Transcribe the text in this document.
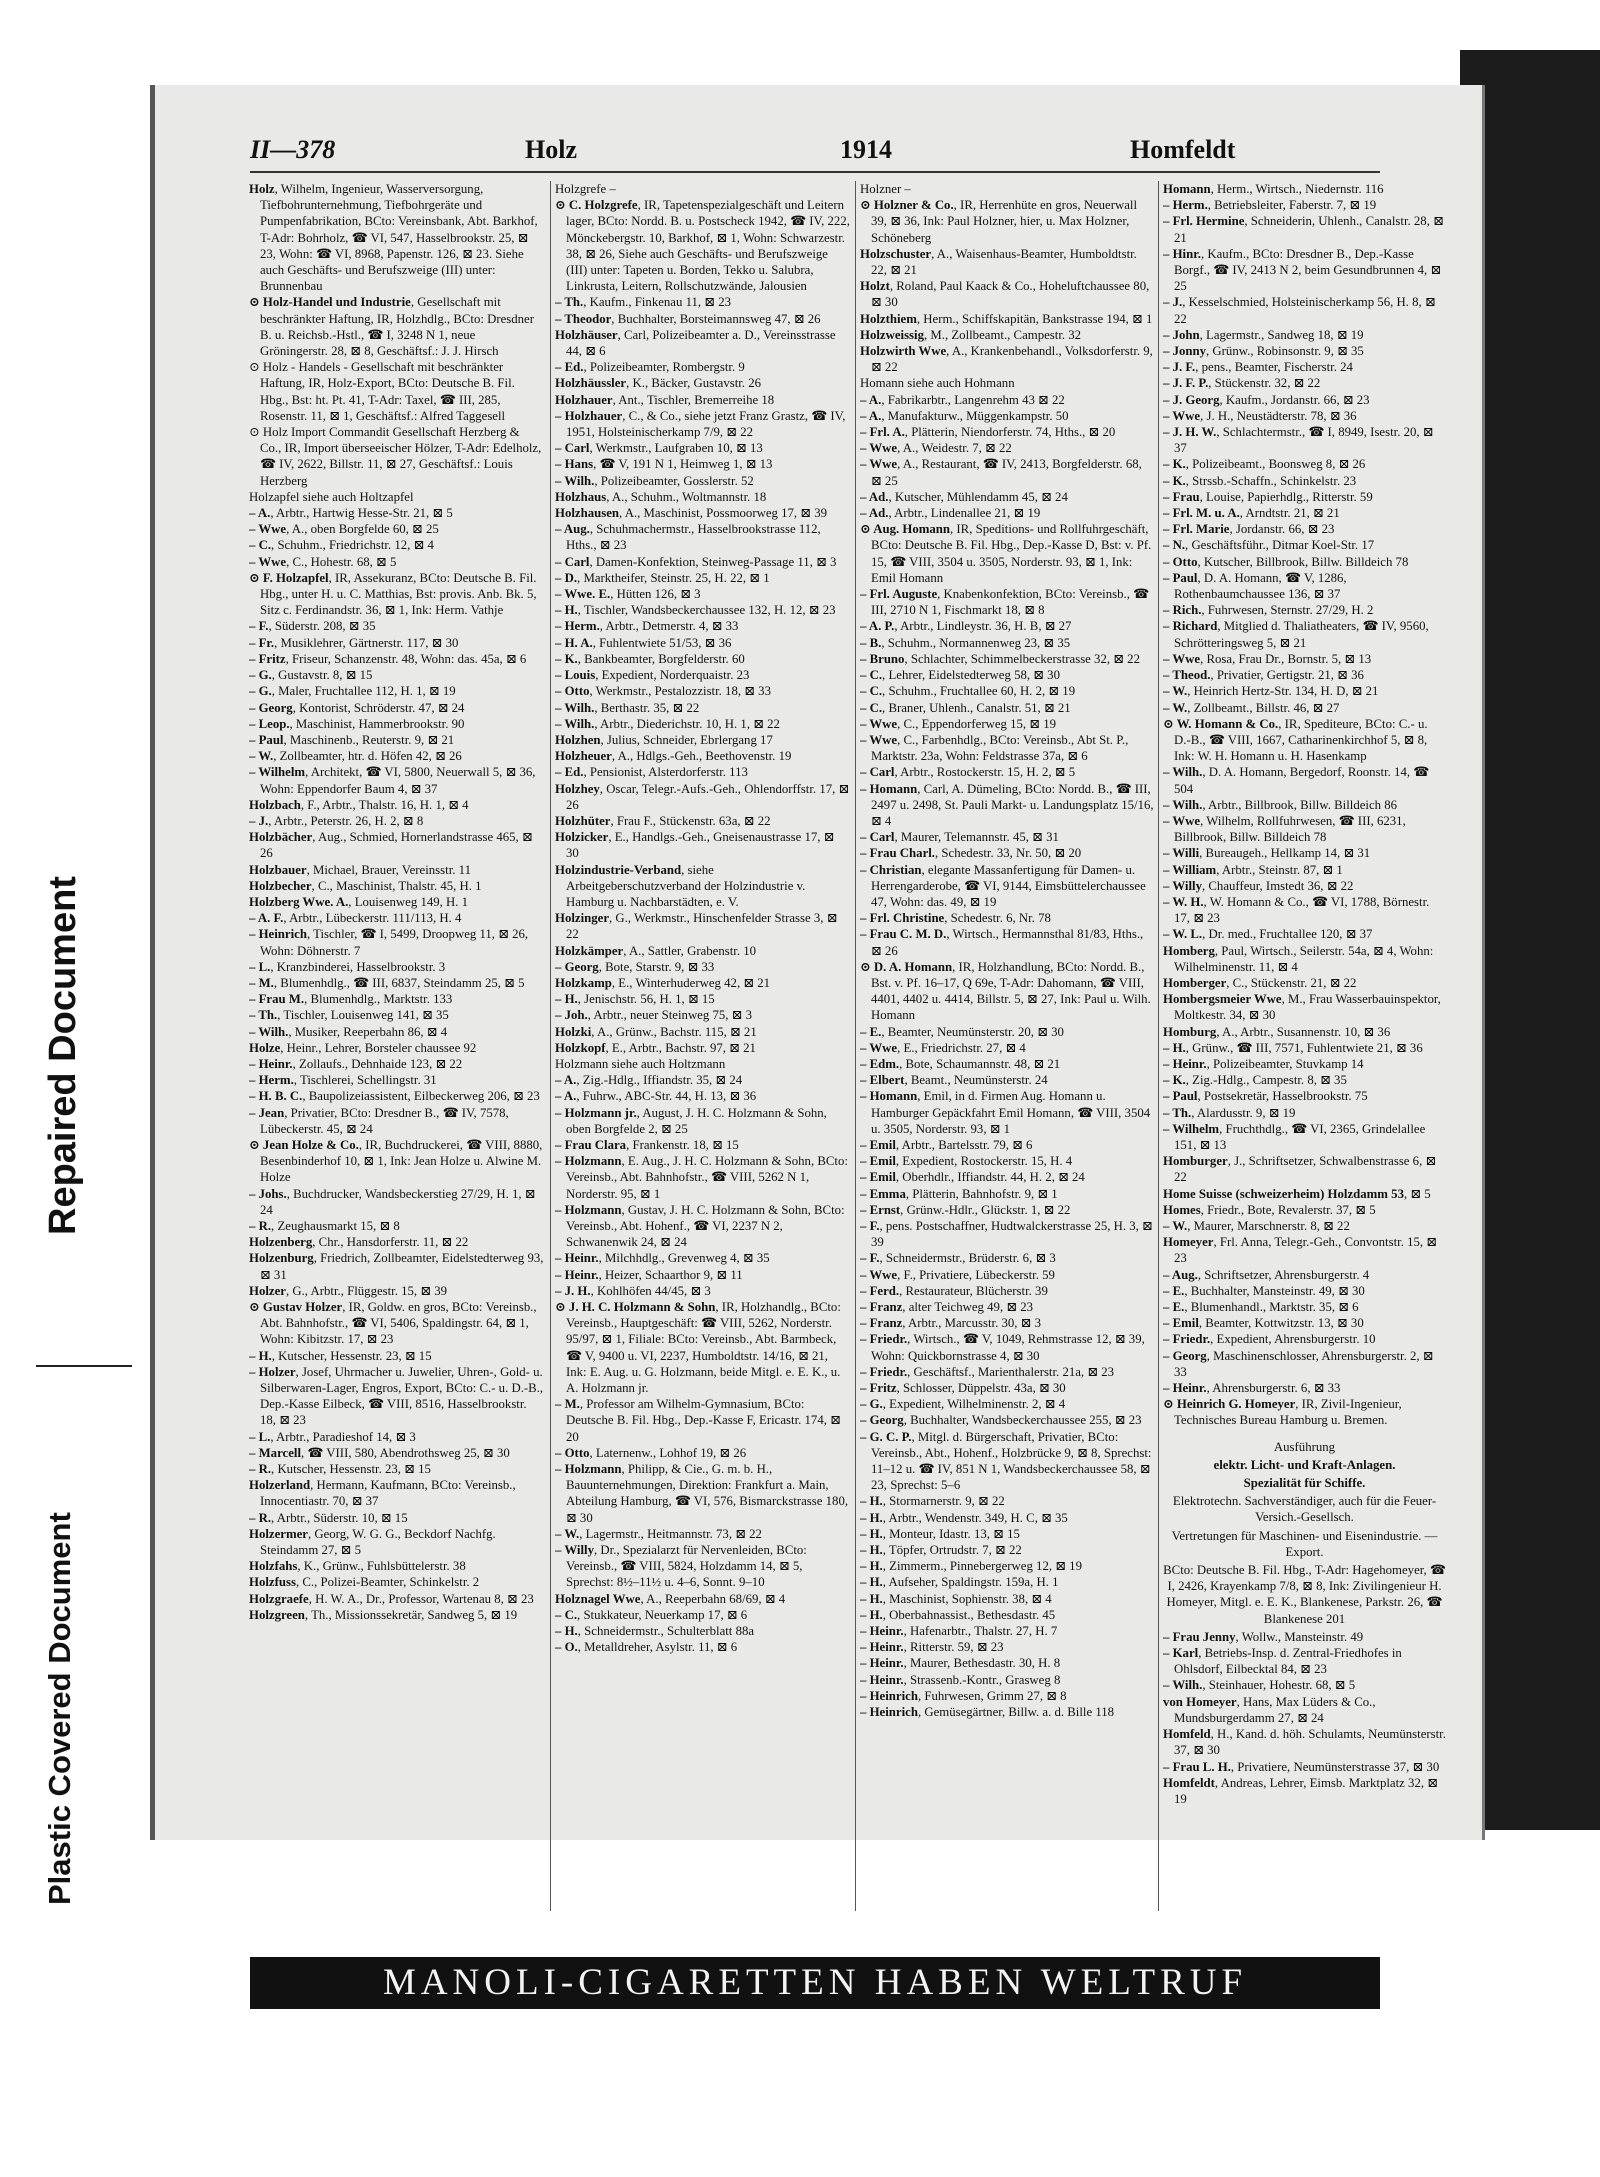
Repaired Document
Plastic Covered Document
II—378	Holz	1914	Homfeldt

Holz, Wilhelm, Ingenieur, Wasserversorgung, Tiefbohrunternehmung, Tiefbohrgeräte und Pumpenfabrikation, BCto: Vereinsbank, Abt. Barkhof, T-Adr: Bohrholz, ☎ VI, 547, Hasselbrookstr. 25, ⊠ 23, Wohn: ☎ VI, 8968, Papenstr. 126, ⊠ 23. Siehe auch Geschäfts- und Berufszweige (III) unter: Brunnenbau

⊙ Holz-Handel und Industrie, Gesellschaft mit beschränkter Haftung, IR, Holzhdlg., BCto: Dresdner B. u. Reichsb.-Hstl., ☎ I, 3248 N 1, neue Gröningerstr. 28, ⊠ 8, Geschäftsf.: J. J. Hirsch

⊙ Holz - Handels - Gesellschaft mit beschränkter Haftung, IR, Holz-Export, BCto: Deutsche B. Fil. Hbg., Bst: ht. Pt. 41, T-Adr: Taxel, ☎ III, 285, Rosenstr. 11, ⊠ 1, Geschäftsf.: Alfred Taggesell

⊙ Holz Import Commandit Gesellschaft Herzberg & Co., IR, Import überseeischer Hölzer, T-Adr: Edelholz, ☎ IV, 2622, Billstr. 11, ⊠ 27, Geschäftsf.: Louis Herzberg

Holzapfel siehe auch Holtzapfel

– A., Arbtr., Hartwig Hesse-Str. 21, ⊠ 5

– Wwe, A., oben Borgfelde 60, ⊠ 25

– C., Schuhm., Friedrichstr. 12, ⊠ 4

– Wwe, C., Hohestr. 68, ⊠ 5

⊙ F. Holzapfel, IR, Assekuranz, BCto: Deutsche B. Fil. Hbg., unter H. u. C. Matthias, Bst: provis. Anb. Bk. 5, Sitz c. Ferdinandstr. 36, ⊠ 1, Ink: Herm. Vathje

– F., Süderstr. 208, ⊠ 35

– Fr., Musiklehrer, Gärtnerstr. 117, ⊠ 30

– Fritz, Friseur, Schanzenstr. 48, Wohn: das. 45a, ⊠ 6

– G., Gustavstr. 8, ⊠ 15

– G., Maler, Fruchtallee 112, H. 1, ⊠ 19

– Georg, Kontorist, Schröderstr. 47, ⊠ 24

– Leop., Maschinist, Hammerbrookstr. 90

– Paul, Maschinenb., Reuterstr. 9, ⊠ 21

– W., Zollbeamter, htr. d. Höfen 42, ⊠ 26

– Wilhelm, Architekt, ☎ VI, 5800, Neuerwall 5, ⊠ 36, Wohn: Eppendorfer Baum 4, ⊠ 37

Holzbach, F., Arbtr., Thalstr. 16, H. 1, ⊠ 4

– J., Arbtr., Peterstr. 26, H. 2, ⊠ 8

Holzbächer, Aug., Schmied, Hornerlandstrasse 465, ⊠ 26

Holzbauer, Michael, Brauer, Vereinsstr. 11

Holzbecher, C., Maschinist, Thalstr. 45, H. 1

Holzberg Wwe. A., Louisenweg 149, H. 1

– A. F., Arbtr., Lübeckerstr. 111/113, H. 4

– Heinrich, Tischler, ☎ I, 5499, Droopweg 11, ⊠ 26, Wohn: Döhnerstr. 7

– L., Kranzbinderei, Hasselbrookstr. 3

– M., Blumenhdlg., ☎ III, 6837, Steindamm 25, ⊠ 5

– Frau M., Blumenhdlg., Marktstr. 133

– Th., Tischler, Louisenweg 141, ⊠ 35

– Wilh., Musiker, Reeperbahn 86, ⊠ 4

Holze, Heinr., Lehrer, Borsteler chaussee 92

– Heinr., Zollaufs., Dehnhaide 123, ⊠ 22

– Herm., Tischlerei, Schellingstr. 31

– H. B. C., Baupolizeiassistent, Eilbeckerweg 206, ⊠ 23

– Jean, Privatier, BCto: Dresdner B., ☎ IV, 7578, Lübeckerstr. 45, ⊠ 24

⊙ Jean Holze & Co., IR, Buchdruckerei, ☎ VIII, 8880, Besenbinderhof 10, ⊠ 1, Ink: Jean Holze u. Alwine M. Holze

– Johs., Buchdrucker, Wandsbeckerstieg 27/29, H. 1, ⊠ 24

– R., Zeughausmarkt 15, ⊠ 8

Holzenberg, Chr., Hansdorferstr. 11, ⊠ 22

Holzenburg, Friedrich, Zollbeamter, Eidelstedterweg 93, ⊠ 31

Holzer, G., Arbtr., Flüggestr. 15, ⊠ 39

⊙ Gustav Holzer, IR, Goldw. en gros, BCto: Vereinsb., Abt. Bahnhofstr., ☎ VI, 5406, Spaldingstr. 64, ⊠ 1, Wohn: Kibitzstr. 17, ⊠ 23

– H., Kutscher, Hessenstr. 23, ⊠ 15

– Holzer, Josef, Uhrmacher u. Juwelier, Uhren-, Gold- u. Silberwaren-Lager, Engros, Export, BCto: C.- u. D.-B., Dep.-Kasse Eilbeck, ☎ VIII, 8516, Hasselbrookstr. 18, ⊠ 23

– L., Arbtr., Paradieshof 14, ⊠ 3

– Marcell, ☎ VIII, 580, Abendrothsweg 25, ⊠ 30

– R., Kutscher, Hessenstr. 23, ⊠ 15

Holzerland, Hermann, Kaufmann, BCto: Vereinsb., Innocentiastr. 70, ⊠ 37

– R., Arbtr., Süderstr. 10, ⊠ 15

Holzermer, Georg, W. G. G., Beckdorf Nachfg. Steindamm 27, ⊠ 5

Holzfahs, K., Grünw., Fuhlsbüttelerstr. 38

Holzfuss, C., Polizei-Beamter, Schinkelstr. 2

Holzgraefe, H. W. A., Dr., Professor, Wartenau 8, ⊠ 23

Holzgreen, Th., Missionssekretär, Sandweg 5, ⊠ 19

Holzgrefe –

⊙ C. Holzgrefe, IR, Tapetenspezialgeschäft und Leitern lager, BCto: Nordd. B. u. Postscheck 1942, ☎ IV, 222, Mönckebergstr. 10, Barkhof, ⊠ 1, Wohn: Schwarzestr. 38, ⊠ 26, Siehe auch Geschäfts- und Berufszweige (III) unter: Tapeten u. Borden, Tekko u. Salubra, Linkrusta, Leitern, Rollschutzwände, Jalousien

– Th., Kaufm., Finkenau 11, ⊠ 23

– Theodor, Buchhalter, Borsteimannsweg 47, ⊠ 26

Holzhäuser, Carl, Polizeibeamter a. D., Vereinsstrasse 44, ⊠ 6

– Ed., Polizeibeamter, Rombergstr. 9

Holzhäussler, K., Bäcker, Gustavstr. 26

Holzhauer, Ant., Tischler, Bremerreihe 18

– Holzhauer, C., & Co., siehe jetzt Franz Grastz, ☎ IV, 1951, Holsteinischerkamp 7/9, ⊠ 22

– Carl, Werkmstr., Laufgraben 10, ⊠ 13

– Hans, ☎ V, 191 N 1, Heimweg 1, ⊠ 13

– Wilh., Polizeibeamter, Gosslerstr. 52

Holzhaus, A., Schuhm., Woltmannstr. 18

Holzhausen, A., Maschinist, Possmoorweg 17, ⊠ 39

– Aug., Schuhmachermstr., Hasselbrookstrasse 112, Hths., ⊠ 23

– Carl, Damen-Konfektion, Steinweg-Passage 11, ⊠ 3

– D., Marktheifer, Steinstr. 25, H. 22, ⊠ 1

– Wwe. E., Hütten 126, ⊠ 3

– H., Tischler, Wandsbeckerchaussee 132, H. 12, ⊠ 23

– Herm., Arbtr., Detmerstr. 4, ⊠ 33

– H. A., Fuhlentwiete 51/53, ⊠ 36

– K., Bankbeamter, Borgfelderstr. 60

– Louis, Expedient, Norderquaistr. 23

– Otto, Werkmstr., Pestalozzistr. 18, ⊠ 33

– Wilh., Berthastr. 35, ⊠ 22

– Wilh., Arbtr., Diederichstr. 10, H. 1, ⊠ 22

Holzhen, Julius, Schneider, Ebrlergang 17

Holzheuer, A., Hdlgs.-Geh., Beethovenstr. 19

– Ed., Pensionist, Alsterdorferstr. 113

Holzhey, Oscar, Telegr.-Aufs.-Geh., Ohlendorffstr. 17, ⊠ 26

Holzhüter, Frau F., Stückenstr. 63a, ⊠ 22

Holzicker, E., Handlgs.-Geh., Gneisenaustrasse 17, ⊠ 30

Holzindustrie-Verband, siehe Arbeitgeberschutzverband der Holzindustrie v. Hamburg u. Nachbarstädten, e. V.

Holzinger, G., Werkmstr., Hinschenfelder Strasse 3, ⊠ 22

Holzkämper, A., Sattler, Grabenstr. 10

– Georg, Bote, Starstr. 9, ⊠ 33

Holzkamp, E., Winterhuderweg 42, ⊠ 21

– H., Jenischstr. 56, H. 1, ⊠ 15

– Joh., Arbtr., neuer Steinweg 75, ⊠ 3

Holzki, A., Grünw., Bachstr. 115, ⊠ 21

Holzkopf, E., Arbtr., Bachstr. 97, ⊠ 21

Holzmann siehe auch Holtzmann

– A., Zig.-Hdlg., Iffiandstr. 35, ⊠ 24

– A., Fuhrw., ABC-Str. 44, H. 13, ⊠ 36

– Holzmann jr., August, J. H. C. Holzmann & Sohn, oben Borgfelde 2, ⊠ 25

– Frau Clara, Frankenstr. 18, ⊠ 15

– Holzmann, E. Aug., J. H. C. Holzmann & Sohn, BCto: Vereinsb., Abt. Bahnhofstr., ☎ VIII, 5262 N 1, Norderstr. 95, ⊠ 1

– Holzmann, Gustav, J. H. C. Holzmann & Sohn, BCto: Vereinsb., Abt. Hohenf., ☎ VI, 2237 N 2, Schwanenwik 24, ⊠ 24

– Heinr., Milchhdlg., Grevenweg 4, ⊠ 35

– Heinr., Heizer, Schaarthor 9, ⊠ 11

– J. H., Kohlhöfen 44/45, ⊠ 3

⊙ J. H. C. Holzmann & Sohn, IR, Holzhandlg., BCto: Vereinsb., Hauptgeschäft: ☎ VIII, 5262, Norderstr. 95/97, ⊠ 1, Filiale: BCto: Vereinsb., Abt. Barmbeck, ☎ V, 9400 u. VI, 2237, Humboldtstr. 14/16, ⊠ 21, Ink: E. Aug. u. G. Holzmann, beide Mitgl. e. E. K., u. A. Holzmann jr.

– M., Professor am Wilhelm-Gymnasium, BCto: Deutsche B. Fil. Hbg., Dep.-Kasse F, Ericastr. 174, ⊠ 20

– Otto, Laternenw., Lohhof 19, ⊠ 26

– Holzmann, Philipp, & Cie., G. m. b. H., Bauunternehmungen, Direktion: Frankfurt a. Main, Abteilung Hamburg, ☎ VI, 576, Bismarckstrasse 180, ⊠ 30

– W., Lagermstr., Heitmannstr. 73, ⊠ 22

– Willy, Dr., Spezialarzt für Nervenleiden, BCto: Vereinsb., ☎ VIII, 5824, Holzdamm 14, ⊠ 5, Sprechst: 8½–11½ u. 4–6, Sonnt. 9–10

Holznagel Wwe, A., Reeperbahn 68/69, ⊠ 4

– C., Stukkateur, Neuerkamp 17, ⊠ 6

– H., Schneidermstr., Schulterblatt 88a

– O., Metalldreher, Asylstr. 11, ⊠ 6

Holzner –

⊙ Holzner & Co., IR, Herrenhüte en gros, Neuerwall 39, ⊠ 36, Ink: Paul Holzner, hier, u. Max Holzner, Schöneberg

Holzschuster, A., Waisenhaus-Beamter, Humboldtstr. 22, ⊠ 21

Holzt, Roland, Paul Kaack & Co., Hoheluftchaussee 80, ⊠ 30

Holzthiem, Herm., Schiffskapitän, Bankstrasse 194, ⊠ 1

Holzweissig, M., Zollbeamt., Campestr. 32

Holzwirth Wwe, A., Krankenbehandl., Volksdorferstr. 9, ⊠ 22

Homann siehe auch Hohmann

– A., Fabrikarbtr., Langenrehm 43 ⊠ 22

– A., Manufakturw., Müggenkampstr. 50

– Frl. A., Plätterin, Niendorferstr. 74, Hths., ⊠ 20

– Wwe, A., Weidestr. 7, ⊠ 22

– Wwe, A., Restaurant, ☎ IV, 2413, Borgfelderstr. 68, ⊠ 25

– Ad., Kutscher, Mühlendamm 45, ⊠ 24

– Ad., Arbtr., Lindenallee 21, ⊠ 19

⊙ Aug. Homann, IR, Speditions- und Rollfuhrgeschäft, BCto: Deutsche B. Fil. Hbg., Dep.-Kasse D, Bst: v. Pf. 15, ☎ VIII, 3504 u. 3505, Norderstr. 93, ⊠ 1, Ink: Emil Homann

– Frl. Auguste, Knabenkonfektion, BCto: Vereinsb., ☎ III, 2710 N 1, Fischmarkt 18, ⊠ 8

– A. P., Arbtr., Lindleystr. 36, H. B, ⊠ 27

– B., Schuhm., Normannenweg 23, ⊠ 35

– Bruno, Schlachter, Schimmelbeckerstrasse 32, ⊠ 22

– C., Lehrer, Eidelstedterweg 58, ⊠ 30

– C., Schuhm., Fruchtallee 60, H. 2, ⊠ 19

– C., Braner, Uhlenh., Canalstr. 51, ⊠ 21

– Wwe, C., Eppendorferweg 15, ⊠ 19

– Wwe, C., Farbenhdlg., BCto: Vereinsb., Abt St. P., Marktstr. 23a, Wohn: Feldstrasse 37a, ⊠ 6

– Carl, Arbtr., Rostockerstr. 15, H. 2, ⊠ 5

– Homann, Carl, A. Dümeling, BCto: Nordd. B., ☎ III, 2497 u. 2498, St. Pauli Markt- u. Landungsplatz 15/16, ⊠ 4

– Carl, Maurer, Telemannstr. 45, ⊠ 31

– Frau Charl., Schedestr. 33, Nr. 50, ⊠ 20

– Christian, elegante Massanfertigung für Damen- u. Herrengarderobe, ☎ VI, 9144, Eimsbüttelerchaussee 47, Wohn: das. 49, ⊠ 19

– Frl. Christine, Schedestr. 6, Nr. 78

– Frau C. M. D., Wirtsch., Hermannsthal 81/83, Hths., ⊠ 26

⊙ D. A. Homann, IR, Holzhandlung, BCto: Nordd. B., Bst. v. Pf. 16–17, Q 69e, T-Adr: Dahomann, ☎ VIII, 4401, 4402 u. 4414, Billstr. 5, ⊠ 27, Ink: Paul u. Wilh. Homann

– E., Beamter, Neumünsterstr. 20, ⊠ 30

– Wwe, E., Friedrichstr. 27, ⊠ 4

– Edm., Bote, Schaumannstr. 48, ⊠ 21

– Elbert, Beamt., Neumünsterstr. 24

– Homann, Emil, in d. Firmen Aug. Homann u. Hamburger Gepäckfahrt Emil Homann, ☎ VIII, 3504 u. 3505, Norderstr. 93, ⊠ 1

– Emil, Arbtr., Bartelsstr. 79, ⊠ 6

– Emil, Expedient, Rostockerstr. 15, H. 4

– Emil, Oberhdlr., Iffiandstr. 44, H. 2, ⊠ 24

– Emma, Plätterin, Bahnhofstr. 9, ⊠ 1

– Ernst, Grünw.-Hdlr., Glückstr. 1, ⊠ 22

– F., pens. Postschaffner, Hudtwalckerstrasse 25, H. 3, ⊠ 39

– F., Schneidermstr., Brüderstr. 6, ⊠ 3

– Wwe, F., Privatiere, Lübeckerstr. 59

– Ferd., Restaurateur, Blücherstr. 39

– Franz, alter Teichweg 49, ⊠ 23

– Franz, Arbtr., Marcusstr. 30, ⊠ 3

– Friedr., Wirtsch., ☎ V, 1049, Rehmstrasse 12, ⊠ 39, Wohn: Quickbornstrasse 4, ⊠ 30

– Friedr., Geschäftsf., Marienthalerstr. 21a, ⊠ 23

– Fritz, Schlosser, Düppelstr. 43a, ⊠ 30

– G., Expedient, Wilhelminenstr. 2, ⊠ 4

– Georg, Buchhalter, Wandsbeckerchaussee 255, ⊠ 23

– G. C. P., Mitgl. d. Bürgerschaft, Privatier, BCto: Vereinsb., Abt., Hohenf., Holzbrücke 9, ⊠ 8, Sprechst: 11–12 u. ☎ IV, 851 N 1, Wandsbeckerchaussee 58, ⊠ 23, Sprechst: 5–6

– H., Stormarnerstr. 9, ⊠ 22

– H., Arbtr., Wendenstr. 349, H. C, ⊠ 35

– H., Monteur, Idastr. 13, ⊠ 15

– H., Töpfer, Ortrudstr. 7, ⊠ 22

– H., Zimmerm., Pinnebergerweg 12, ⊠ 19

– H., Aufseher, Spaldingstr. 159a, H. 1

– H., Maschinist, Sophienstr. 38, ⊠ 4

– H., Oberbahnassist., Bethesdastr. 45

– Heinr., Hafenarbtr., Thalstr. 27, H. 7

– Heinr., Ritterstr. 59, ⊠ 23

– Heinr., Maurer, Bethesdastr. 30, H. 8

– Heinr., Strassenb.-Kontr., Grasweg 8

– Heinrich, Fuhrwesen, Grimm 27, ⊠ 8

– Heinrich, Gemüsegärtner, Billw. a. d. Bille 118

Homann, Herm., Wirtsch., Niedernstr. 116

– Herm., Betriebsleiter, Faberstr. 7, ⊠ 19

– Frl. Hermine, Schneiderin, Uhlenh., Canalstr. 28, ⊠ 21

– Hinr., Kaufm., BCto: Dresdner B., Dep.-Kasse Borgf., ☎ IV, 2413 N 2, beim Gesundbrunnen 4, ⊠ 25

– J., Kesselschmied, Holsteinischerkamp 56, H. 8, ⊠ 22

– John, Lagermstr., Sandweg 18, ⊠ 19

– Jonny, Grünw., Robinsonstr. 9, ⊠ 35

– J. F., pens., Beamter, Fischerstr. 24

– J. F. P., Stückenstr. 32, ⊠ 22

– J. Georg, Kaufm., Jordanstr. 66, ⊠ 23

– Wwe, J. H., Neustädterstr. 78, ⊠ 36

– J. H. W., Schlachtermstr., ☎ I, 8949, Isestr. 20, ⊠ 37

– K., Polizeibeamt., Boonsweg 8, ⊠ 26

– K., Strssb.-Schaffn., Schinkelstr. 23

– Frau, Louise, Papierhdlg., Ritterstr. 59

– Frl. M. u. A., Arndtstr. 21, ⊠ 21

– Frl. Marie, Jordanstr. 66, ⊠ 23

– N., Geschäftsführ., Ditmar Koel-Str. 17

– Otto, Kutscher, Billbrook, Billw. Billdeich 78

– Paul, D. A. Homann, ☎ V, 1286, Rothenbaumchaussee 136, ⊠ 37

– Rich., Fuhrwesen, Sternstr. 27/29, H. 2

– Richard, Mitglied d. Thaliatheaters, ☎ IV, 9560, Schrötteringsweg 5, ⊠ 21

– Wwe, Rosa, Frau Dr., Bornstr. 5, ⊠ 13

– Theod., Privatier, Gertigstr. 21, ⊠ 36

– W., Heinrich Hertz-Str. 134, H. D, ⊠ 21

– W., Zollbeamt., Billstr. 46, ⊠ 27

⊙ W. Homann & Co., IR, Spediteure, BCto: C.- u. D.-B., ☎ VIII, 1667, Catharinenkirchhof 5, ⊠ 8, Ink: W. H. Homann u. H. Hasenkamp

– Wilh., D. A. Homann, Bergedorf, Roonstr. 14, ☎ 504

– Wilh., Arbtr., Billbrook, Billw. Billdeich 86

– Wwe, Wilhelm, Rollfuhrwesen, ☎ III, 6231, Billbrook, Billw. Billdeich 78

– Willi, Bureaugeh., Hellkamp 14, ⊠ 31

– William, Arbtr., Steinstr. 87, ⊠ 1

– Willy, Chauffeur, Imstedt 36, ⊠ 22

– W. H., W. Homann & Co., ☎ VI, 1788, Börnestr. 17, ⊠ 23

– W. L., Dr. med., Fruchtallee 120, ⊠ 37

Homberg, Paul, Wirtsch., Seilerstr. 54a, ⊠ 4, Wohn: Wilhelminenstr. 11, ⊠ 4

Homberger, C., Stückenstr. 21, ⊠ 22

Hombergsmeier Wwe, M., Frau Wasserbauinspektor, Moltkestr. 34, ⊠ 30

Homburg, A., Arbtr., Susannenstr. 10, ⊠ 36

– H., Grünw., ☎ III, 7571, Fuhlentwiete 21, ⊠ 36

– Heinr., Polizeibeamter, Stuvkamp 14

– K., Zig.-Hdlg., Campestr. 8, ⊠ 35

– Paul, Postsekretär, Hasselbrookstr. 75

– Th., Alardusstr. 9, ⊠ 19

– Wilhelm, Fruchthdlg., ☎ VI, 2365, Grindelallee 151, ⊠ 13

Homburger, J., Schriftsetzer, Schwalbenstrasse 6, ⊠ 22

Home Suisse (schweizerheim) Holzdamm 53, ⊠ 5

Homes, Friedr., Bote, Revalerstr. 37, ⊠ 5

– W., Maurer, Marschnerstr. 8, ⊠ 22

Homeyer, Frl. Anna, Telegr.-Geh., Convontstr. 15, ⊠ 23

– Aug., Schriftsetzer, Ahrensburgerstr. 4

– E., Buchhalter, Mansteinstr. 49, ⊠ 30

– E., Blumenhandl., Marktstr. 35, ⊠ 6

– Emil, Beamter, Kottwitzstr. 13, ⊠ 30

– Friedr., Expedient, Ahrensburgerstr. 10

– Georg, Maschinenschlosser, Ahrensburgerstr. 2, ⊠ 33

– Heinr., Ahrensburgerstr. 6, ⊠ 33

⊙ Heinrich G. Homeyer, IR, Zivil-Ingenieur, Technisches Bureau Hamburg u. Bremen.

Ausführung

elektr. Licht- und Kraft-Anlagen.

Spezialität für Schiffe.

Elektrotechn. Sachverständiger, auch für die Feuer-Versich.-Gesellsch.

Vertretungen für Maschinen- und Eisenindustrie. — Export.

BCto: Deutsche B. Fil. Hbg., T-Adr: Hagehomeyer, ☎ I, 2426, Krayenkamp 7/8, ⊠ 8, Ink: Zivilingenieur H. Homeyer, Mitgl. e. E. K., Blankenese, Parkstr. 26, ☎ Blankenese 201

– Frau Jenny, Wollw., Mansteinstr. 49

– Karl, Betriebs-Insp. d. Zentral-Friedhofes in Ohlsdorf, Eilbecktal 84, ⊠ 23

– Wilh., Steinhauer, Hohestr. 68, ⊠ 5

von Homeyer, Hans, Max Lüders & Co., Mundsburgerdamm 27, ⊠ 24

Homfeld, H., Kand. d. höh. Schulamts, Neumünsterstr. 37, ⊠ 30

– Frau L. H., Privatiere, Neumünsterstrasse 37, ⊠ 30

Homfeldt, Andreas, Lehrer, Eimsb. Marktplatz 32, ⊠ 19

MANOLI-CIGARETTEN HABEN WELTRUF
